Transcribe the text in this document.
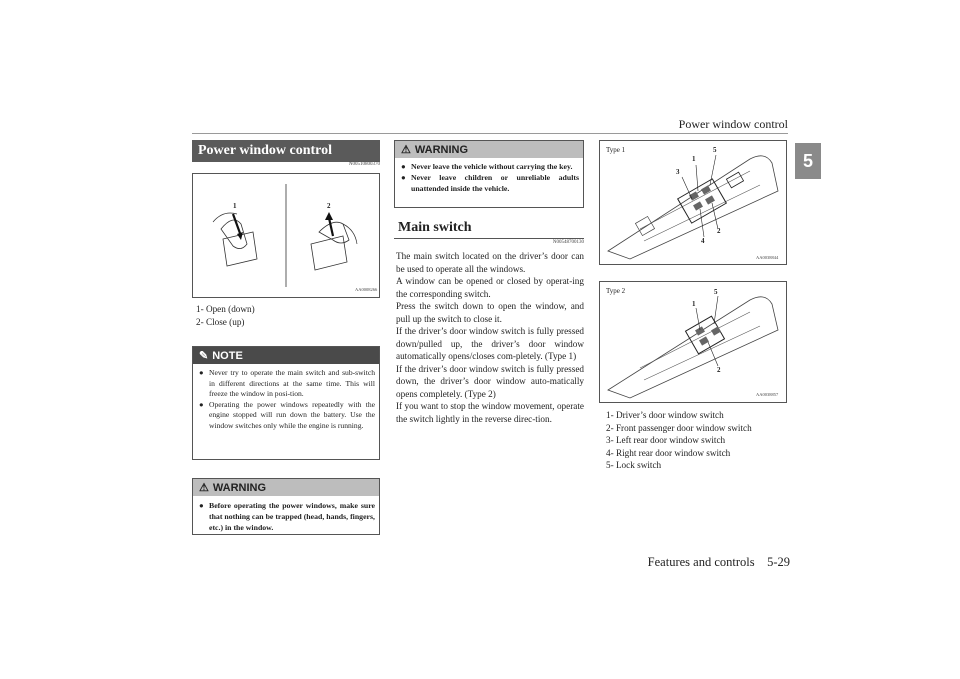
Power window control
5
Power window control
N00510800370
1	2
AA0008266
1- Open (down)
2- Close (up)
✎ NOTE
● Never try to operate the main switch and sub-switch in different directions at the same time. This will freeze the window in posi-tion.
● Operating the power windows repeatedly with the engine stopped will run down the battery. Use the window switches only while the engine is running.
⚠ WARNING
● Before operating the power windows, make sure that nothing can be trapped (head, hands, fingers, etc.) in the window.
⚠ WARNING
● Never leave the vehicle without carrying the key.
● Never leave children or unreliable adults unattended inside the vehicle.
Main switch
N00548700130
The main switch located on the driver’s door can be used to operate all the windows.
A window can be opened or closed by operat-ing the corresponding switch.
Press the switch down to open the window, and pull up the switch to close it.
If the driver’s door window switch is fully pressed down/pulled up, the driver’s door window automatically opens/closes com-pletely. (Type 1)
If the driver’s door window switch is fully pressed down, the driver’s door window auto-matically opens completely. (Type 2)
If you want to stop the window movement, operate the switch lightly in the reverse direc-tion.
Type 1
1
2
3
4
5
AA0038844
Type 2
1
2
5
AA0038857
1- Driver’s door window switch
2- Front passenger door window switch
3- Left rear door window switch
4- Right rear door window switch
5- Lock switch
Features and controls    5-29
